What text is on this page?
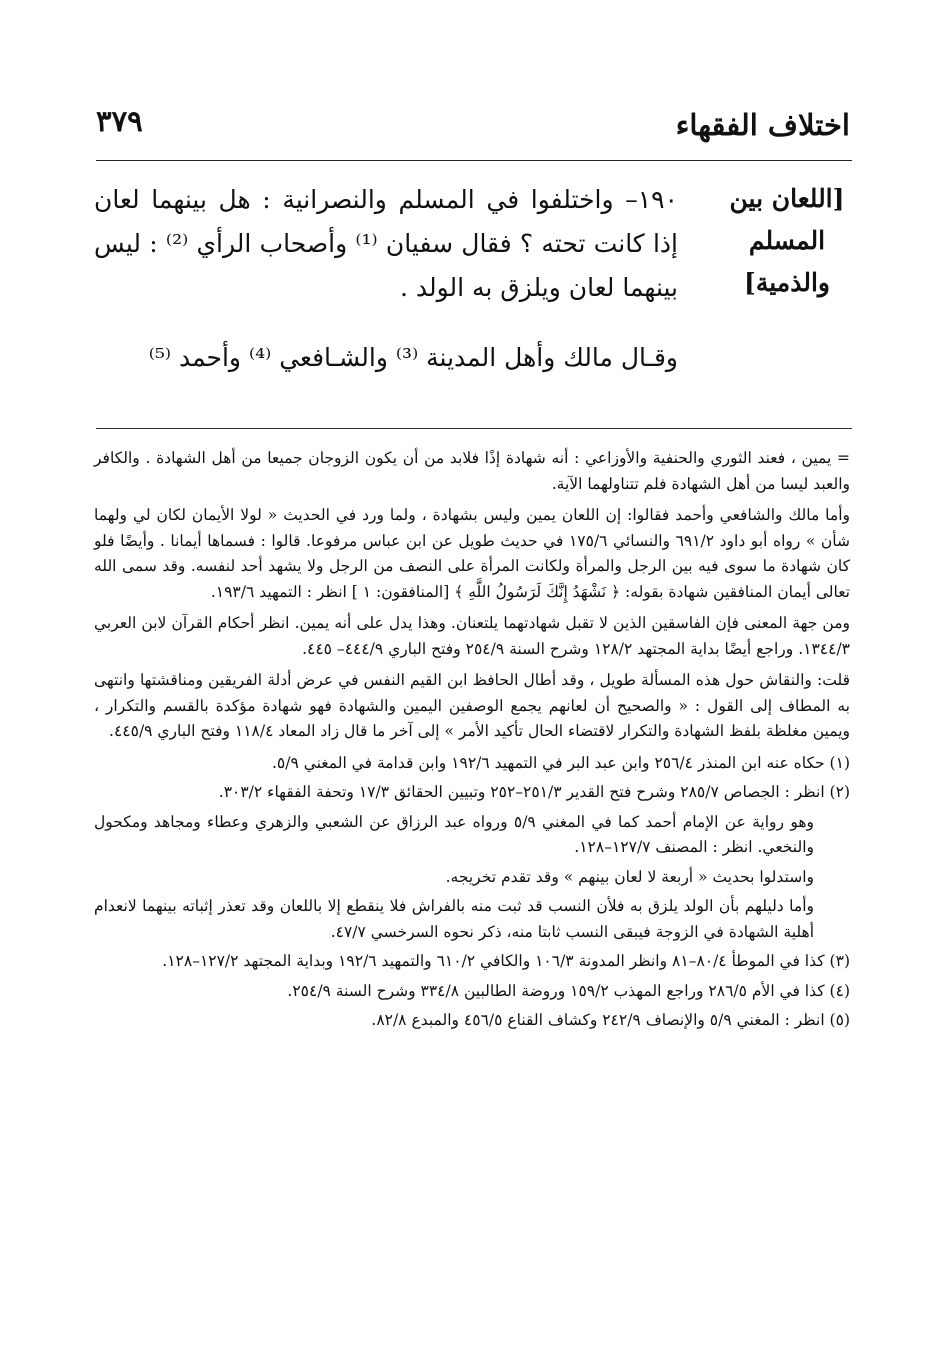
اختلاف الفقهاء
٣٧٩
[اللعان بين
المسلم
والذمية]

١٩٠– واختلفوا في المسلم والنصرانية : هل بينهما لعان إذا كانت تحته ؟ فقال سفيان ⁽¹⁾ وأصحاب الرأي ⁽²⁾ : ليس بينهما لعان ويلزق به الولد .

وقـال مالك وأهل المدينة ⁽³⁾ والشـافعي ⁽⁴⁾ وأحمد ⁽⁵⁾

= يمين ، فعند الثوري والحنفية والأوزاعي : أنه شهادة إذًا فلابد من أن يكون الزوجان جميعا من أهل الشهادة . والكافر والعبد ليسا من أهل الشهادة فلم تتناولهما الآية.

وأما مالك والشافعي وأحمد فقالوا: إن اللعان يمين وليس بشهادة ، ولما ورد في الحديث « لولا الأيمان لكان لي ولهما شأن » رواه أبو داود ٦٩١/٢ والنسائي ١٧٥/٦ في حديث طويل عن ابن عباس مرفوعا. قالوا : فسماها أيمانا . وأيضًا فلو كان شهادة ما سوى فيه بين الرجل والمرأة ولكانت المرأة على النصف من الرجل ولا يشهد أحد لنفسه. وقد سمى الله تعالى أيمان المنافقين شهادة بقوله: ﴿ نَشْهَدُ إِنَّكَ لَرَسُولُ اللَّهِ ﴾ [المنافقون: ١ ] انظر : التمهيد ١٩٣/٦.

ومن جهة المعنى فإن الفاسقين الذين لا تقبل شهادتهما يلتعنان. وهذا يدل على أنه يمين. انظر أحكام القرآن لابن العربي ١٣٤٤/٣. وراجع أيضًا بداية المجتهد ١٢٨/٢ وشرح السنة ٢٥٤/٩ وفتح الباري ٤٤٤/٩– ٤٤٥.

قلت: والنقاش حول هذه المسألة طويل ، وقد أطال الحافظ ابن القيم النفس في عرض أدلة الفريقين ومناقشتها وانتهى به المطاف إلى القول : « والصحيح أن لعانهم يجمع الوصفين اليمين والشهادة فهو شهادة مؤكدة بالقسم والتكرار ، ويمين مغلظة بلفظ الشهادة والتكرار لاقتضاء الحال تأكيد الأمر » إلى آخر ما قال زاد المعاد ١١٨/٤ وفتح الباري ٤٤٥/٩.

(١) حكاه عنه ابن المنذر ٢٥٦/٤ وابن عبد البر في التمهيد ١٩٢/٦ وابن قدامة في المغني ٥/٩.

(٢) انظر : الجصاص ٢٨٥/٧ وشرح فتح القدير ٢٥١/٣–٢٥٢ وتبيين الحقائق ١٧/٣ وتحفة الفقهاء ٣٠٣/٢.

وهو رواية عن الإمام أحمد كما في المغني ٥/٩ ورواه عبد الرزاق عن الشعبي والزهري وعطاء ومجاهد ومكحول والنخعي. انظر : المصنف ١٢٧/٧–١٢٨.

واستدلوا بحديث « أربعة لا لعان بينهم » وقد تقدم تخريجه.

وأما دليلهم بأن الولد يلزق به فلأن النسب قد ثبت منه بالفراش فلا ينقطع إلا باللعان وقد تعذر إثباته بينهما لانعدام أهلية الشهادة في الزوجة فيبقى النسب ثابتا منه، ذكر نحوه السرخسي ٤٧/٧.

(٣) كذا في الموطأ ٨٠/٤–٨١ وانظر المدونة ١٠٦/٣ والكافي ٦١٠/٢ والتمهيد ١٩٢/٦ وبداية المجتهد ١٢٧/٢–١٢٨.

(٤) كذا في الأم ٢٨٦/٥ وراجع المهذب ١٥٩/٢ وروضة الطالبين ٣٣٤/٨ وشرح السنة ٢٥٤/٩.

(٥) انظر : المغني ٥/٩ والإنصاف ٢٤٢/٩ وكشاف القناع ٤٥٦/٥ والمبدع ٨٢/٨.
